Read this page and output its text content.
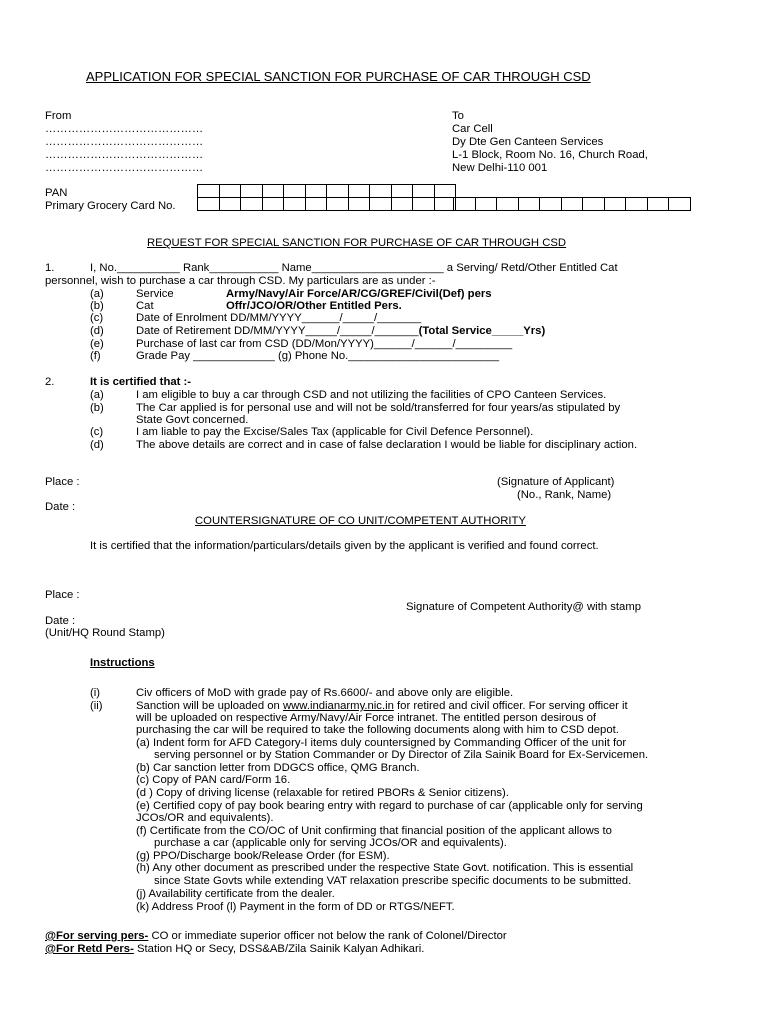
APPLICATION FOR SPECIAL SANCTION FOR PURCHASE OF CAR THROUGH CSD
From
……………………………………
……………………………………
……………………………………
……………………………………
To
Car Cell
Dy Dte Gen Canteen Services
L-1 Block, Room No. 16, Church Road,
New Delhi-110 001
PAN
Primary Grocery Card No.

REQUEST FOR SPECIAL SANCTION FOR PURCHASE OF CAR THROUGH CSD
1.	I, No.__________ Rank___________ Name_____________________ a Serving/ Retd/Other Entitled Cat
personnel, wish to purchase a car through CSD. My particulars are as under :-
(a)	Service	Army/Navy/Air Force/AR/CG/GREF/Civil(Def) pers
(b)	Cat	Offr/JCO/OR/Other Entitled Pers.
(c)	Date of Enrolment DD/MM/YYYY______/_____/_______
(d)	Date of Retirement DD/MM/YYYY_____/_____/_______(Total Service_____Yrs)
(e)	Purchase of last car from CSD (DD/Mon/YYYY)______/______/_________
(f)	Grade Pay _____________ (g) Phone No.________________________
2.	It is certified that :-
(a)	I am eligible to buy a car through CSD and not utilizing the facilities of CPO Canteen Services.
(b)	The Car applied is for personal use and will not be sold/transferred for four years/as stipulated by
State Govt concerned.
(c)	I am liable to pay the Excise/Sales Tax (applicable for Civil Defence Personnel).
(d)	The above details are correct and in case of false declaration I would be liable for disciplinary action.
Place :	(Signature of Applicant)
(No., Rank, Name)
Date :
COUNTERSIGNATURE OF CO UNIT/COMPETENT AUTHORITY
It is certified that the information/particulars/details given by the applicant is verified and found correct.
Place :
Signature of Competent Authority@ with stamp
Date :
(Unit/HQ Round Stamp)
Instructions
(i)	Civ officers of MoD with grade pay of Rs.6600/- and above only are eligible.
(ii)	Sanction will be uploaded on www.indianarmy.nic.in for retired and civil officer. For serving officer it
will be uploaded on respective Army/Navy/Air Force intranet. The entitled person desirous of
purchasing the car will be required to take the following documents along with him to CSD depot.
(a) Indent form for AFD Category-I items duly countersigned by Commanding Officer of the unit for
serving personnel or by Station Commander or Dy Director of Zila Sainik Board for Ex-Servicemen.
(b) Car sanction letter from DDGCS office, QMG Branch.
(c) Copy of PAN card/Form 16.
(d ) Copy of driving license (relaxable for retired PBORs & Senior citizens).
(e) Certified copy of pay book bearing entry with regard to purchase of car (applicable only for serving
JCOs/OR and equivalents).
(f) Certificate from the CO/OC of Unit confirming that financial position of the applicant allows to
purchase a car (applicable only for serving JCOs/OR and equivalents).
(g) PPO/Discharge book/Release Order (for ESM).
(h) Any other document as prescribed under the respective State Govt. notification. This is essential
since State Govts while extending VAT relaxation prescribe specific documents to be submitted.
(j) Availability certificate from the dealer.
(k) Address Proof (l) Payment in the form of DD or RTGS/NEFT.
@For serving pers- CO or immediate superior officer not below the rank of Colonel/Director
@For Retd Pers- Station HQ or Secy, DSS&AB/Zila Sainik Kalyan Adhikari.
